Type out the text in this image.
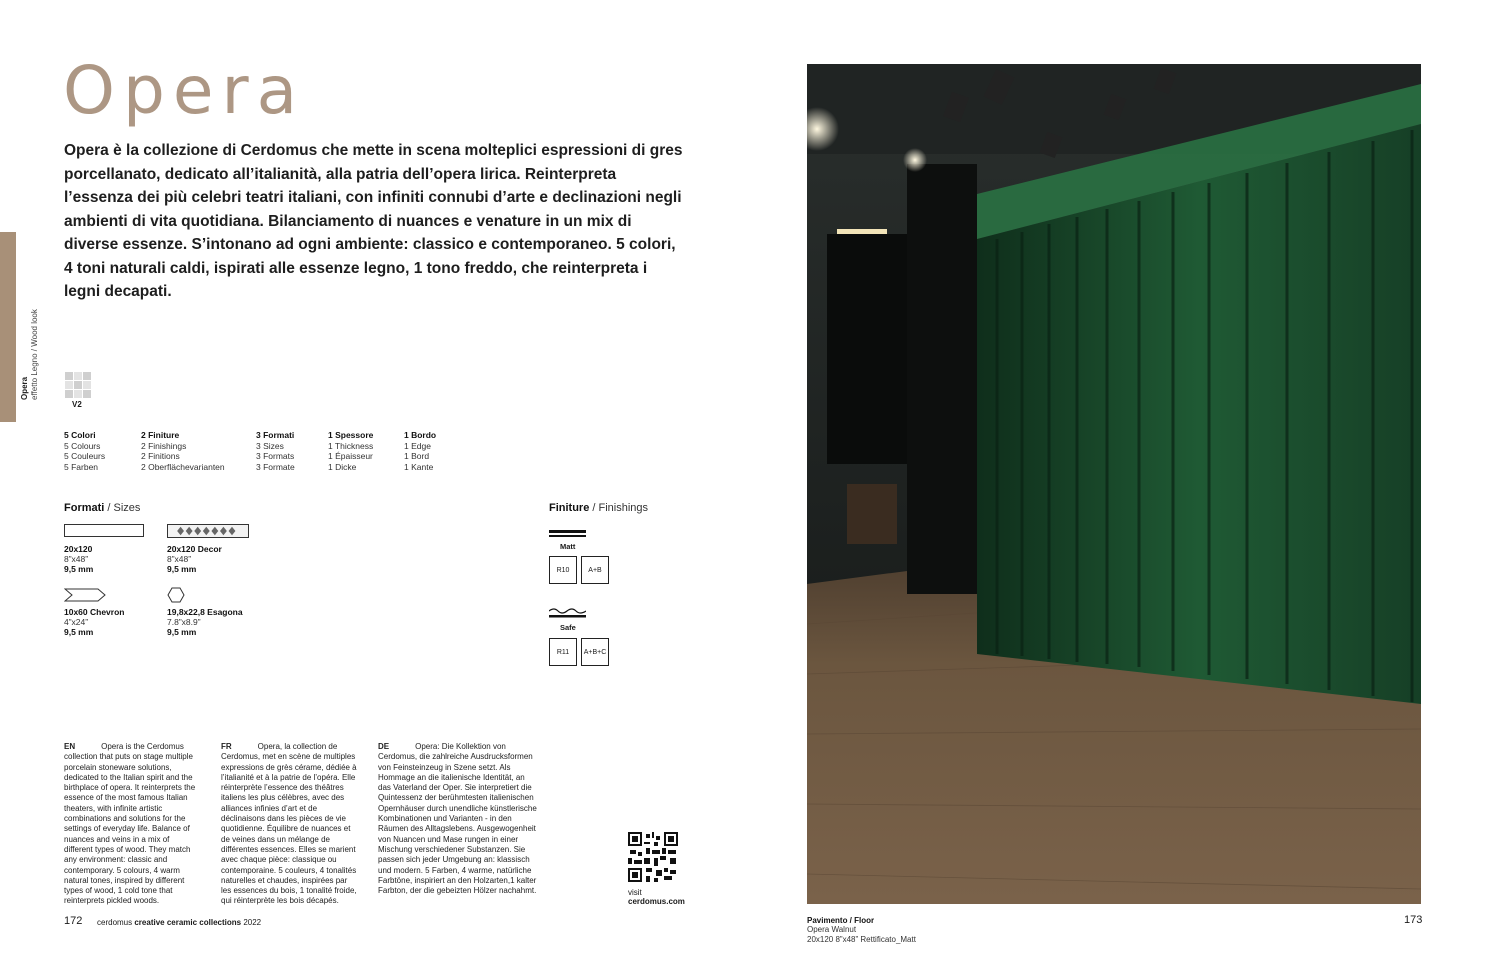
Opera
effetto Legno / Wood look
Opera

Opera è la collezione di Cerdomus che mette in scena molteplici espressioni di gres porcellanato, dedicato all’italianità, alla patria dell’opera lirica. Reinterpreta l’essenza dei più celebri teatri italiani, con infiniti connubi d’arte e declinazioni negli ambienti di vita quotidiana. Bilanciamento di nuances e venature in un mix di diverse essenze. S’intonano ad ogni ambiente: classico e contemporaneo. 5 colori, 4 toni naturali caldi, ispirati alle essenze legno, 1 tono freddo, che reinterpreta i legni decapati.

V2
5 Colori
5 Colours
5 Couleurs
5 Farben
2 Finiture
2 Finishings
2 Finitions
2 Oberflächevarianten
3 Formati
3 Sizes
3 Formats
3 Formate
1 Spessore
1 Thickness
1 Épaisseur
1 Dicke
1 Bordo
1 Edge
1 Bord
1 Kante
Formati / Sizes
20x120
8”x48”
9,5 mm
20x120 Decor
8”x48”
9,5 mm
10x60 Chevron
4”x24”
9,5 mm
19,8x22,8 Esagona
7.8”x8.9”
9,5 mm
Finiture / Finishings
Matt
R10	A+B
Safe
R11	A+B+C
EN	Opera is the Cerdomus collection that puts on stage multiple porcelain stoneware solutions, dedicated to the Italian spirit and the birthplace of opera. It reinterprets the essence of the most famous Italian theaters, with infinite artistic combinations and solutions for the settings of everyday life. Balance of nuances and veins in a mix of different types of wood. They match any environment: classic and contemporary. 5 colours, 4 warm natural tones, inspired by different types of wood, 1 cold tone that reinterprets pickled woods.
FR	Opera, la collection de Cerdomus, met en scène de multiples expressions de grès cérame, dédiée à l’italianité et à la patrie de l’opéra. Elle réinterprète l’essence des théâtres italiens les plus célèbres, avec des alliances infinies d’art et de déclinaisons dans les pièces de vie quotidienne. Équilibre de nuances et de veines dans un mélange de différentes essences. Elles se marient avec chaque pièce: classique ou contemporaine. 5 couleurs, 4 tonalités naturelles et chaudes, inspirées par les essences du bois, 1 tonalité froide, qui réinterprète les bois décapés.
DE	Opera: Die Kollektion von Cerdomus, die zahlreiche Ausdrucksformen von Feinsteinzeug in Szene setzt. Als Hommage an die italienische Identität, an das Vaterland der Oper. Sie interpretiert die Quintessenz der berühmtesten italienischen Opernhäuser durch unendliche künstlerische Kombinationen und Varianten - in den Räumen des Alltagslebens. Ausgewogenheit von Nuancen und Mase rungen in einer Mischung verschiedener Substanzen. Sie passen sich jeder Umgebung an: klassisch und modern. 5 Farben, 4 warme, natürliche Farbtöne, inspiriert an den Holzarten,1 kalter Farbton, der die gebeizten Hölzer nachahmt.	visit
cerdomus.com
172 cerdomus creative ceramic collections 2022	Pavimento / Floor
Opera Walnut
20x120 8”x48” Rettificato_Matt
173
